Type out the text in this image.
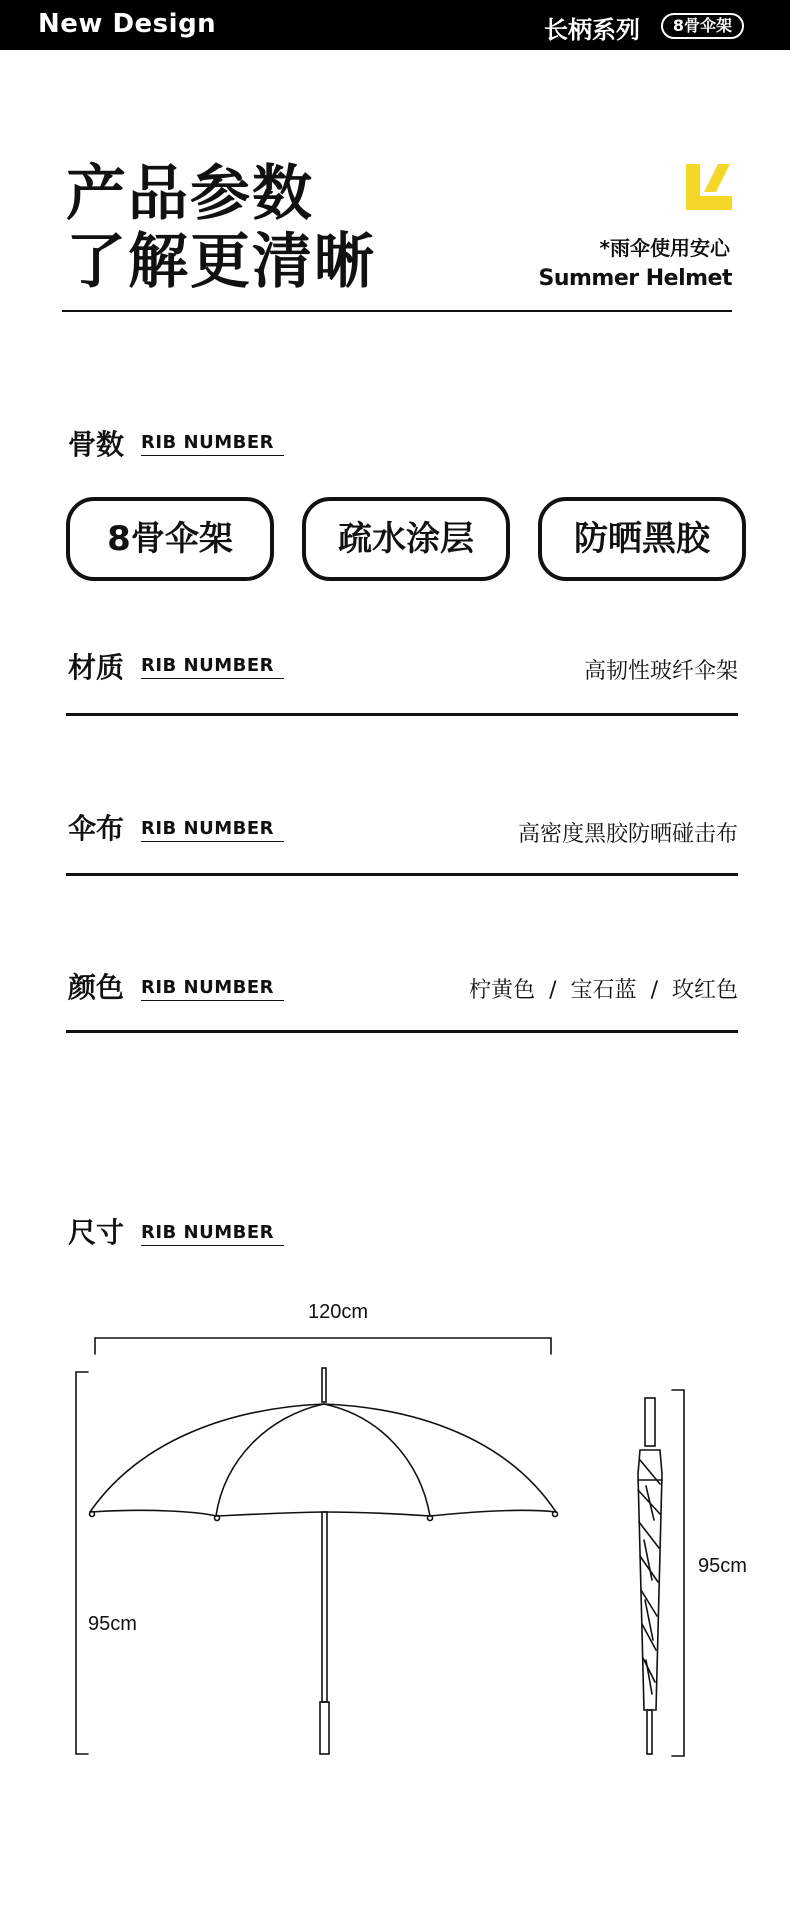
New Design	长柄系列	8骨伞架
产品参数
了解更清晰	*雨伞使用安心
Summer Helmet
骨数 RIB NUMBER
8骨伞架	疏水涂层	防晒黑胶
材质 RIB NUMBER	高韧性玻纤伞架
伞布 RIB NUMBER	高密度黑胶防晒碰击布
颜色 RIB NUMBER	柠黄色 / 宝石蓝 / 玫红色
尺寸 RIB NUMBER
120cm
95cm
95cm
